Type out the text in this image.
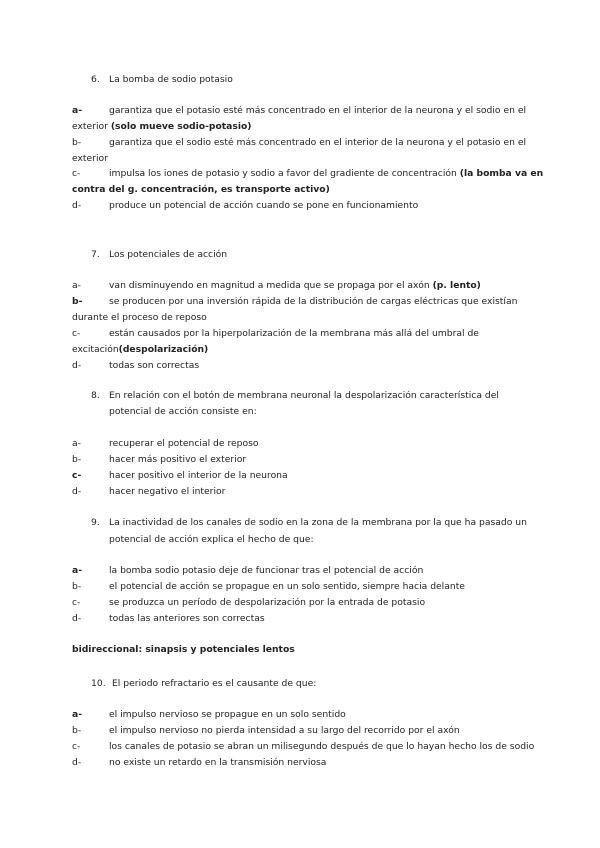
6. La bomba de sodio potasio
a-	garantiza que el potasio esté más concentrado en el interior de la neurona y el sodio en el
exterior (solo mueve sodio-potasio)
b-	garantiza que el sodio esté más concentrado en el interior de la neurona y el potasio en el
exterior
c-	impulsa los iones de potasio y sodio a favor del gradiente de concentración (la bomba va en
contra del g. concentración, es transporte activo)
d-	produce un potencial de acción cuando se pone en funcionamiento
7. Los potenciales de acción
a-	van disminuyendo en magnitud a medida que se propaga por el axón (p. lento)
b-	se producen por una inversión rápida de la distribución de cargas eléctricas que existían
durante el proceso de reposo
c-	están causados por la hiperpolarización de la membrana más allá del umbral de
excitación(despolarización)
d-	todas son correctas
8. En relación con el botón de membrana neuronal la despolarización característica del
potencial de acción consiste en:
a-	recuperar el potencial de reposo
b-	hacer más positivo el exterior
c-	hacer positivo el interior de la neurona
d-	hacer negativo el interior
9. La inactividad de los canales de sodio en la zona de la membrana por la que ha pasado un
potencial de acción explica el hecho de que:
a-	la bomba sodio potasio deje de funcionar tras el potencial de acción
b-	el potencial de acción se propague en un solo sentido, siempre hacia delante
c-	se produzca un período de despolarización por la entrada de potasio
d-	todas las anteriores son correctas
bidireccional: sinapsis y potenciales lentos
10. El periodo refractario es el causante de que:
a-	el impulso nervioso se propague en un solo sentido
b-	el impulso nervioso no pierda intensidad a su largo del recorrido por el axón
c-	los canales de potasio se abran un milisegundo después de que lo hayan hecho los de sodio
d-	no existe un retardo en la transmisión nerviosa
